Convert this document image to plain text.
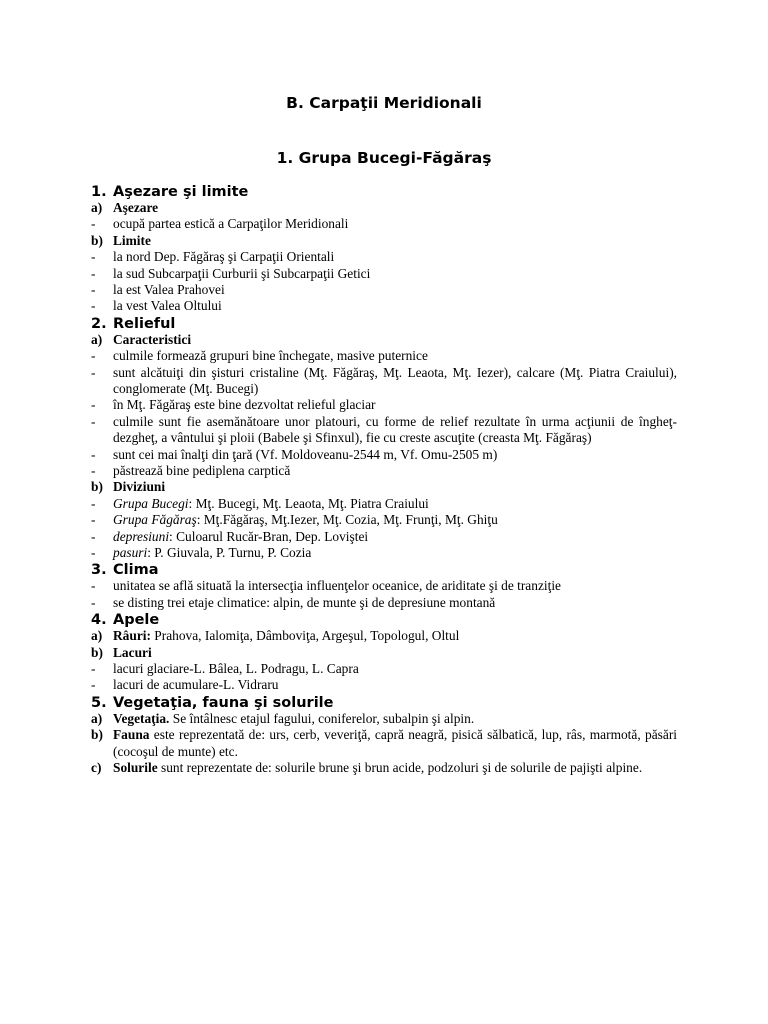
B. Carpaţii Meridionali
1. Grupa Bucegi-Făgăraş
1. Aşezare şi limite
a) Aşezare
- ocupă partea estică a Carpaţilor Meridionali
b) Limite
- la nord Dep. Făgăraş şi Carpaţii Orientali
- la sud Subcarpaţii Curburii şi Subcarpaţii Getici
- la est Valea Prahovei
- la vest Valea Oltului
2. Relieful
a) Caracteristici
- culmile formează grupuri bine închegate, masive puternice
- sunt alcătuiţi din şisturi cristaline (Mţ. Făgăraş, Mţ. Leaota, Mţ. Iezer), calcare (Mţ. Piatra Craiului), conglomerate (Mţ. Bucegi)
- în Mţ. Făgăraş este bine dezvoltat relieful glaciar
- culmile sunt fie asemănătoare unor platouri, cu forme de relief rezultate în urma acţiunii de îngheţ-dezgheţ, a vântului şi ploii (Babele şi Sfinxul), fie cu creste ascuţite (creasta Mţ. Făgăraş)
- sunt cei mai înalţi din ţară (Vf. Moldoveanu-2544 m, Vf. Omu-2505 m)
- păstrează bine pediplena carptică
b) Diviziuni
- Grupa Bucegi: Mţ. Bucegi, Mţ. Leaota, Mţ. Piatra Craiului
- Grupa Făgăraş: Mţ.Făgăraş, Mţ.Iezer, Mţ. Cozia, Mţ. Frunţi, Mţ. Ghiţu
- depresiuni: Culoarul Rucăr-Bran, Dep. Loviştei
- pasuri: P. Giuvala, P. Turnu, P. Cozia
3. Clima
- unitatea se află situată la intersecţia influenţelor oceanice, de ariditate şi de tranziţie
- se disting trei etaje climatice: alpin, de munte şi de depresiune montană
4. Apele
a) Râuri: Prahova, Ialomiţa, Dâmboviţa, Argeşul, Topologul, Oltul
b) Lacuri
- lacuri glaciare-L. Bâlea, L. Podragu, L. Capra
- lacuri de acumulare-L. Vidraru
5. Vegetaţia, fauna şi solurile
a) Vegetaţia. Se întâlnesc etajul fagului, coniferelor, subalpin şi alpin.
b) Fauna este reprezentată de: urs, cerb, veveriţă, capră neagră, pisică sălbatică, lup, râs, marmotă, păsări (cocoşul de munte) etc.
c) Solurile sunt reprezentate de: solurile brune şi brun acide, podzoluri şi de solurile de pajişti alpine.
